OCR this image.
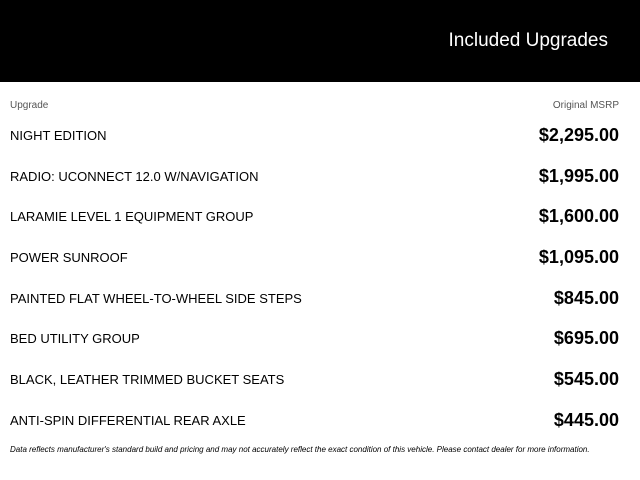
Included Upgrades
Upgrade	Original MSRP
NIGHT EDITION	$2,295.00
RADIO: UCONNECT 12.0 W/NAVIGATION	$1,995.00
LARAMIE LEVEL 1 EQUIPMENT GROUP	$1,600.00
POWER SUNROOF	$1,095.00
PAINTED FLAT WHEEL-TO-WHEEL SIDE STEPS	$845.00
BED UTILITY GROUP	$695.00
BLACK, LEATHER TRIMMED BUCKET SEATS	$545.00
ANTI-SPIN DIFFERENTIAL REAR AXLE	$445.00
Data reflects manufacturer's standard build and pricing and may not accurately reflect the exact condition of this vehicle. Please contact dealer for more information.
